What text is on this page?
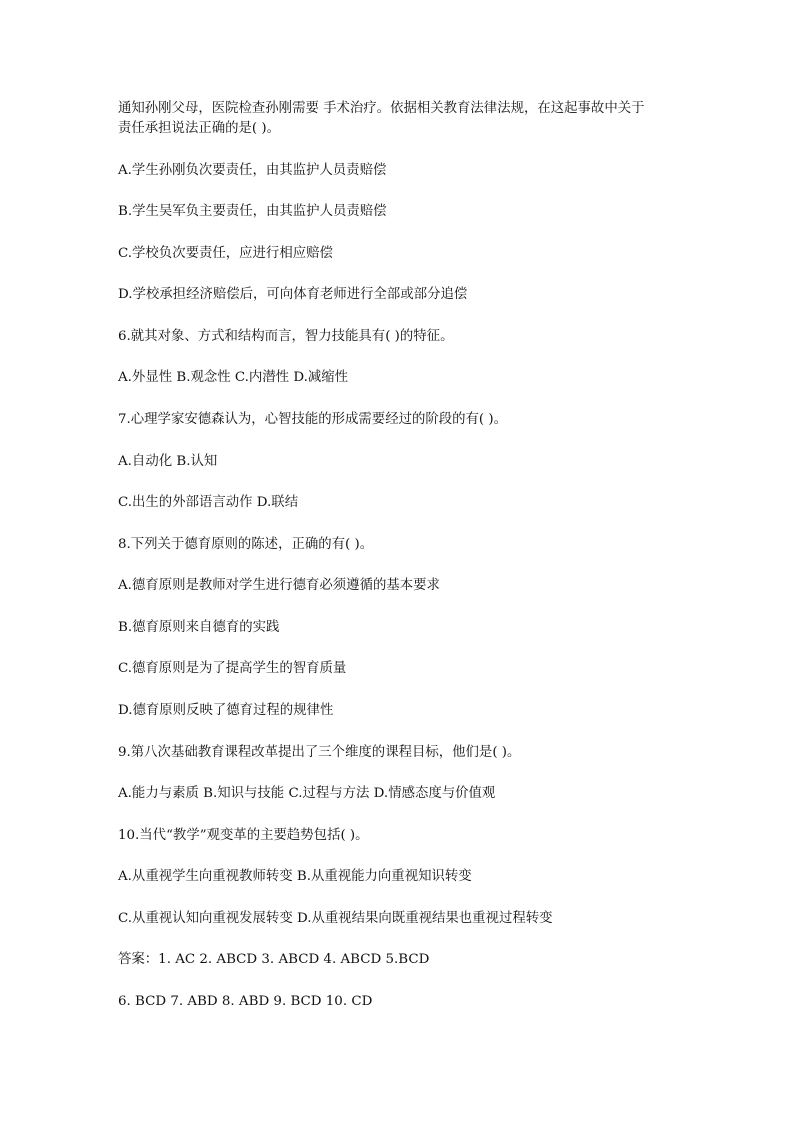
通知孙刚父母，医院检查孙刚需要 手术治疗。依据相关教育法律法规，在这起事故中关于
责任承担说法正确的是( )。
A.学生孙刚负次要责任，由其监护人员责赔偿
B.学生吴军负主要责任，由其监护人员责赔偿
C.学校负次要责任，应进行相应赔偿
D.学校承担经济赔偿后，可向体育老师进行全部或部分追偿
6.就其对象、方式和结构而言，智力技能具有( )的特征。
A.外显性 B.观念性 C.内潜性 D.减缩性
7.心理学家安德森认为，心智技能的形成需要经过的阶段的有( )。
A.自动化 B.认知
C.出生的外部语言动作 D.联结
8.下列关于德育原则的陈述，正确的有( )。
A.德育原则是教师对学生进行德育必须遵循的基本要求
B.德育原则来自德育的实践
C.德育原则是为了提高学生的智育质量
D.德育原则反映了德育过程的规律性
9.第八次基础教育课程改革提出了三个维度的课程目标，他们是( )。
A.能力与素质 B.知识与技能 C.过程与方法 D.情感态度与价值观
10.当代“教学”观变革的主要趋势包括( )。
A.从重视学生向重视教师转变 B.从重视能力向重视知识转变
C.从重视认知向重视发展转变 D.从重视结果向既重视结果也重视过程转变
答案：1. AC 2. ABCD 3. ABCD 4. ABCD 5.BCD
6. BCD 7. ABD 8. ABD 9. BCD 10. CD
